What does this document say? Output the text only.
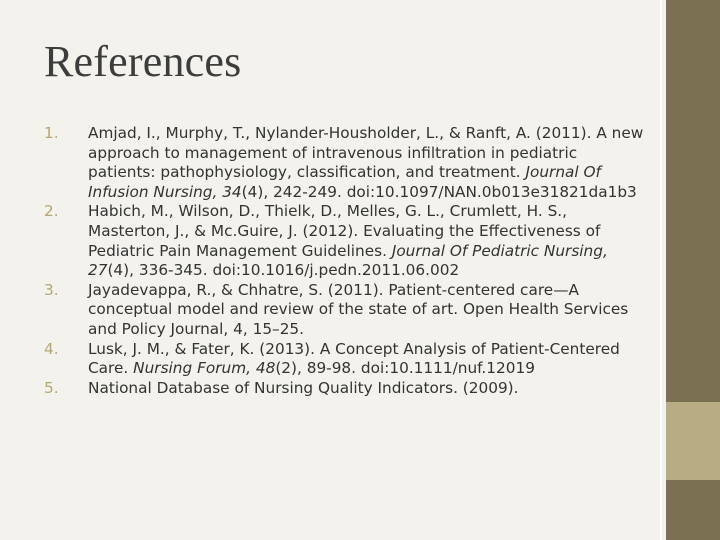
References
1.	Amjad, I., Murphy, T., Nylander-Housholder, L., & Ranft, A. (2011). A new approach to management of intravenous infiltration in pediatric patients: pathophysiology, classification, and treatment. Journal Of Infusion Nursing, 34(4), 242-249. doi:10.1097/NAN.0b013e31821da1b3
2.	Habich, M., Wilson, D., Thielk, D., Melles, G. L., Crumlett, H. S., Masterton, J., & Mc.Guire, J. (2012). Evaluating the Effectiveness of Pediatric Pain Management Guidelines. Journal Of Pediatric Nursing, 27(4), 336-345. doi:10.1016/j.pedn.2011.06.002
3.	Jayadevappa, R., & Chhatre, S. (2011). Patient-centered care—A conceptual model and review of the state of art. Open Health Services and Policy Journal, 4, 15–25.
4.	Lusk, J. M., & Fater, K. (2013). A Concept Analysis of Patient-Centered Care. Nursing Forum, 48(2), 89-98. doi:10.1111/nuf.12019
5.	National Database of Nursing Quality Indicators. (2009).
